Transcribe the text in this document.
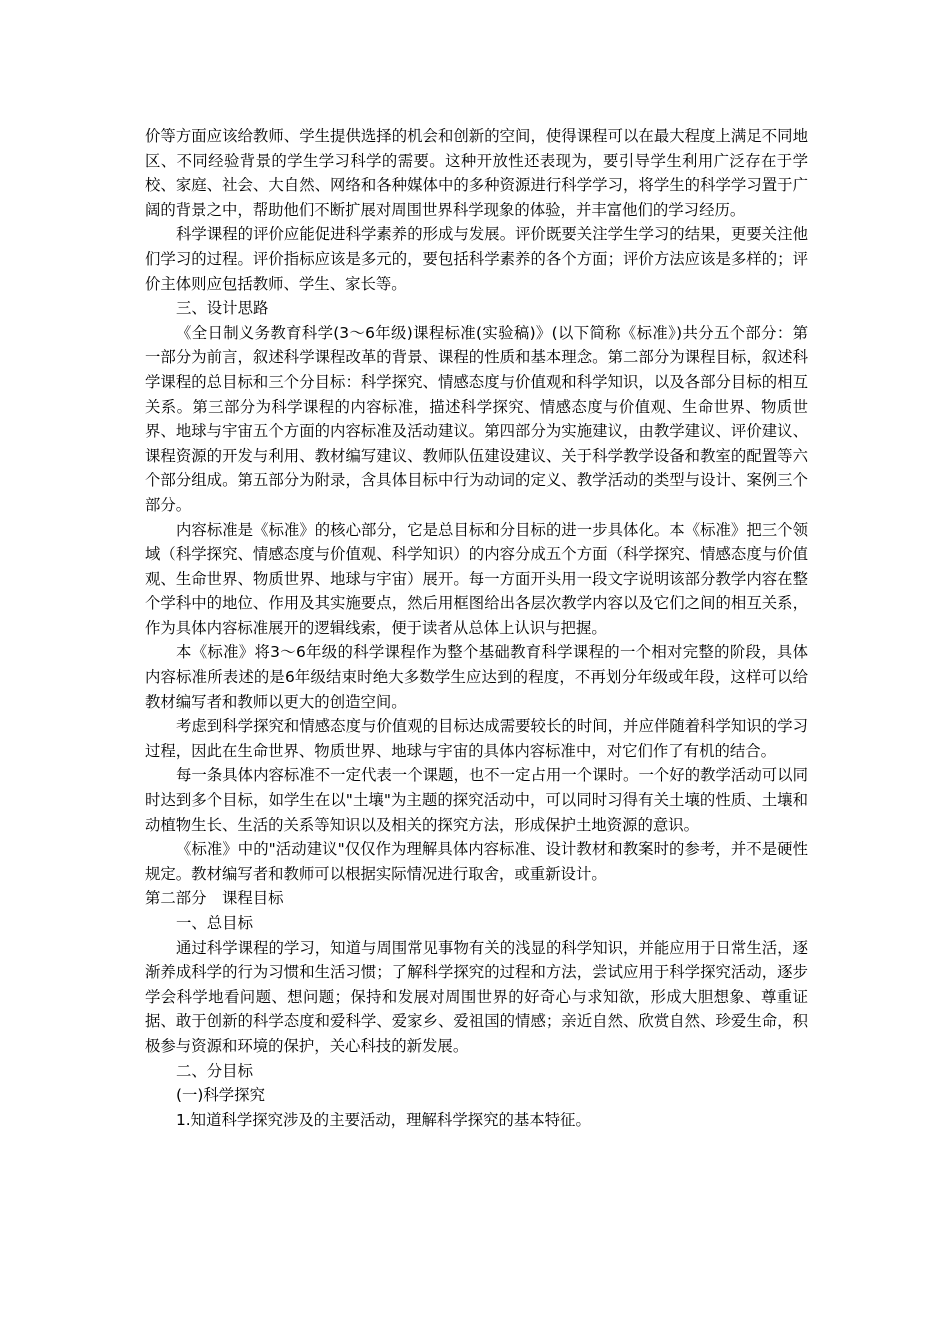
价等方面应该给教师、学生提供选择的机会和创新的空间，使得课程可以在最大程度上满足不同地区、不同经验背景的学生学习科学的需要。这种开放性还表现为，要引导学生利用广泛存在于学校、家庭、社会、大自然、网络和各种媒体中的多种资源进行科学学习，将学生的科学学习置于广阔的背景之中，帮助他们不断扩展对周围世界科学现象的体验，并丰富他们的学习经历。

科学课程的评价应能促进科学素养的形成与发展。评价既要关注学生学习的结果，更要关注他们学习的过程。评价指标应该是多元的，要包括科学素养的各个方面；评价方法应该是多样的；评价主体则应包括教师、学生、家长等。

三、设计思路

《全日制义务教育科学(3～6年级)课程标准(实验稿)》(以下简称《标准》)共分五个部分：第一部分为前言，叙述科学课程改革的背景、课程的性质和基本理念。第二部分为课程目标，叙述科学课程的总目标和三个分目标：科学探究、情感态度与价值观和科学知识，以及各部分目标的相互关系。第三部分为科学课程的内容标准，描述科学探究、情感态度与价值观、生命世界、物质世界、地球与宇宙五个方面的内容标准及活动建议。第四部分为实施建议，由教学建议、评价建议、课程资源的开发与利用、教材编写建议、教师队伍建设建议、关于科学教学设备和教室的配置等六个部分组成。第五部分为附录，含具体目标中行为动词的定义、教学活动的类型与设计、案例三个部分。

内容标准是《标准》的核心部分，它是总目标和分目标的进一步具体化。本《标准》把三个领域（科学探究、情感态度与价值观、科学知识）的内容分成五个方面（科学探究、情感态度与价值观、生命世界、物质世界、地球与宇宙）展开。每一方面开头用一段文字说明该部分教学内容在整个学科中的地位、作用及其实施要点，然后用框图给出各层次教学内容以及它们之间的相互关系，作为具体内容标准展开的逻辑线索，便于读者从总体上认识与把握。

本《标准》将3～6年级的科学课程作为整个基础教育科学课程的一个相对完整的阶段，具体内容标准所表述的是6年级结束时绝大多数学生应达到的程度，不再划分年级或年段，这样可以给教材编写者和教师以更大的创造空间。

考虑到科学探究和情感态度与价值观的目标达成需要较长的时间，并应伴随着科学知识的学习过程，因此在生命世界、物质世界、地球与宇宙的具体内容标准中，对它们作了有机的结合。

每一条具体内容标准不一定代表一个课题，也不一定占用一个课时。一个好的教学活动可以同时达到多个目标，如学生在以"土壤"为主题的探究活动中，可以同时习得有关土壤的性质、土壤和动植物生长、生活的关系等知识以及相关的探究方法，形成保护土地资源的意识。

《标准》中的"活动建议"仅仅作为理解具体内容标准、设计教材和教案时的参考，并不是硬性规定。教材编写者和教师可以根据实际情况进行取舍，或重新设计。

第二部分　课程目标

一、总目标

通过科学课程的学习，知道与周围常见事物有关的浅显的科学知识，并能应用于日常生活，逐渐养成科学的行为习惯和生活习惯；了解科学探究的过程和方法，尝试应用于科学探究活动，逐步学会科学地看问题、想问题；保持和发展对周围世界的好奇心与求知欲，形成大胆想象、尊重证据、敢于创新的科学态度和爱科学、爱家乡、爱祖国的情感；亲近自然、欣赏自然、珍爱生命，积极参与资源和环境的保护，关心科技的新发展。

二、分目标

(一)科学探究

1.知道科学探究涉及的主要活动，理解科学探究的基本特征。
